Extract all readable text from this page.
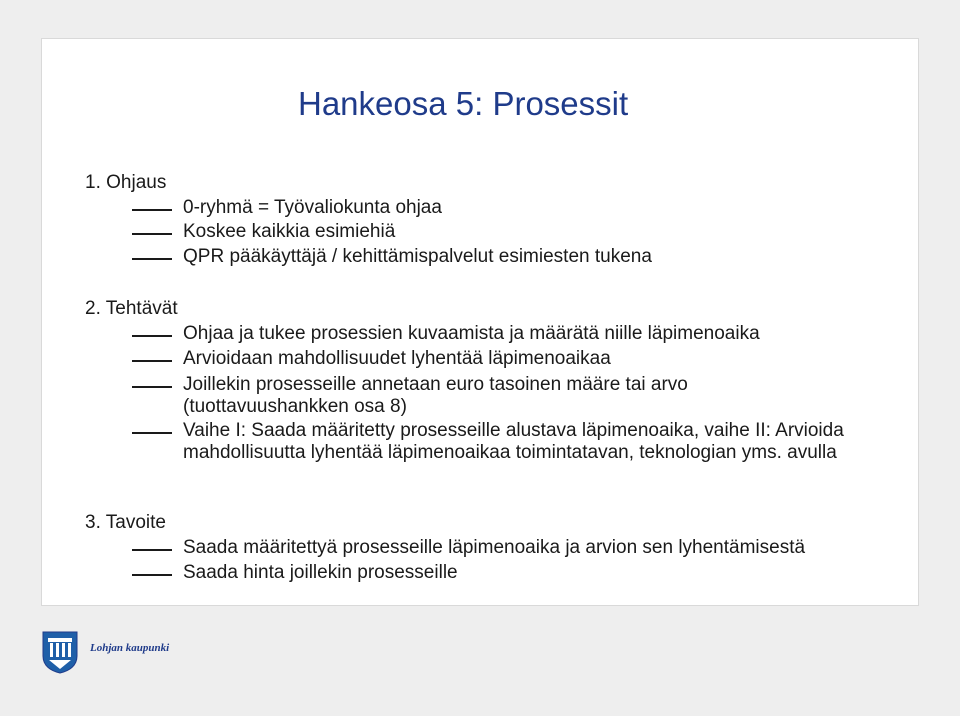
Hankeosa 5: Prosessit
1. Ohjaus
0-ryhmä = Työvaliokunta ohjaa
Koskee kaikkia esimiehiä
QPR pääkäyttäjä / kehittämispalvelut esimiesten tukena
2. Tehtävät
Ohjaa ja tukee prosessien kuvaamista ja määrätä niille läpimenoaika
Arvioidaan mahdollisuudet lyhentää läpimenoaikaa
Joillekin prosesseille annetaan euro tasoinen määre tai arvo (tuottavuushankken osa 8)
Vaihe I: Saada määritetty prosesseille alustava läpimenoaika, vaihe II: Arvioida mahdollisuutta lyhentää läpimenoaikaa toimintatavan, teknologian yms. avulla
3. Tavoite
Saada määritettyä prosesseille läpimenoaika ja arvion sen lyhentämisestä
Saada hinta joillekin prosesseille
Lohjan kaupunki
